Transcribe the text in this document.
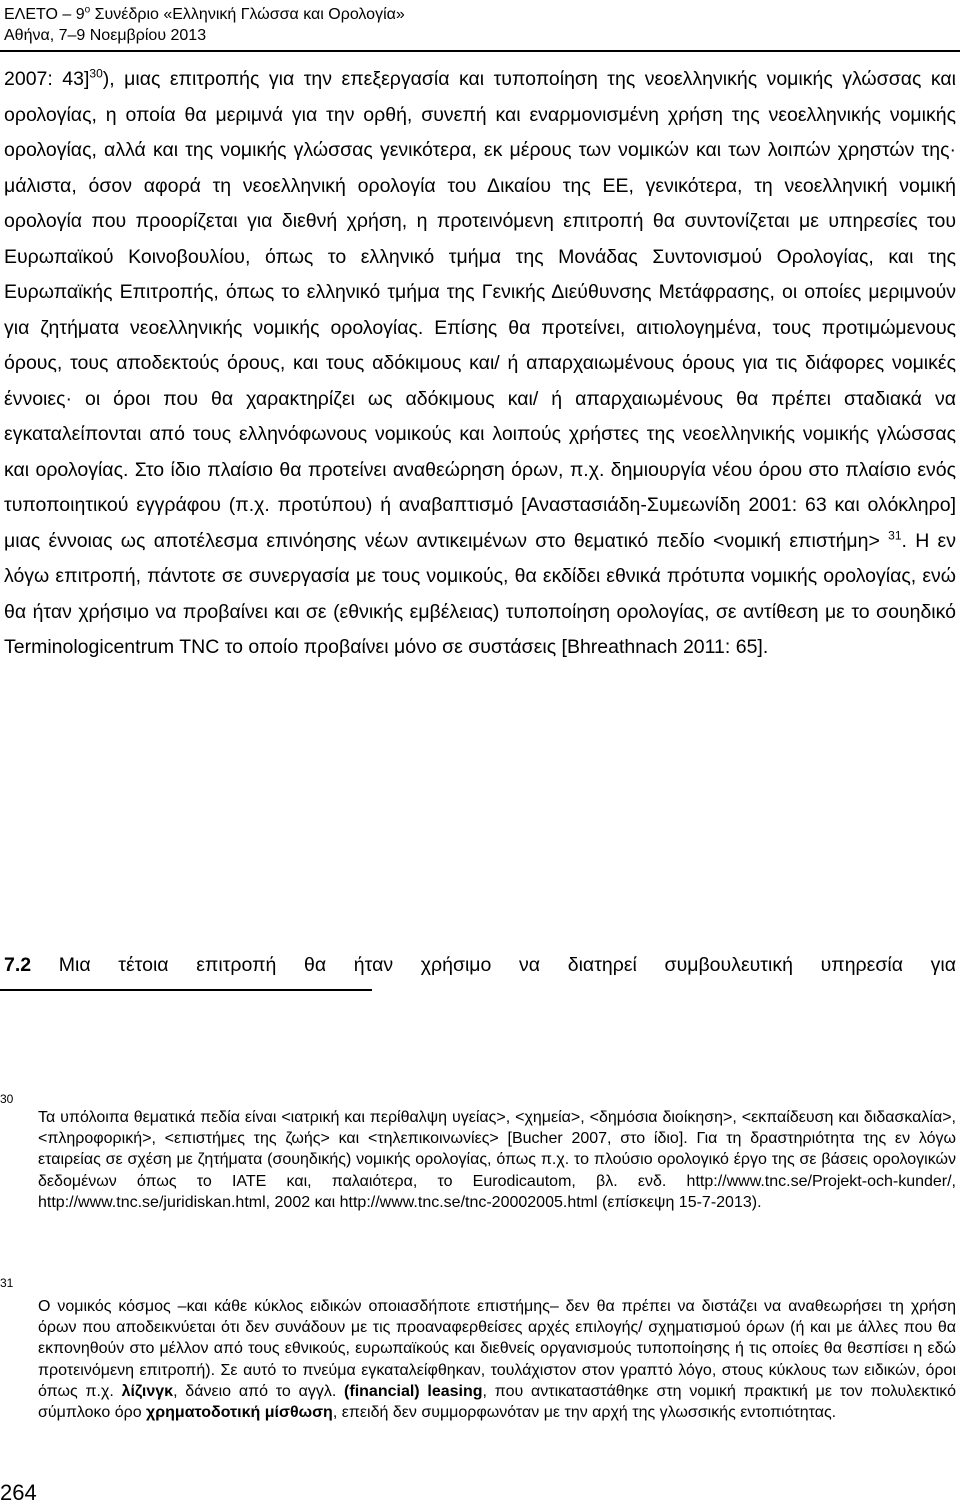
ΕΛΕΤΟ – $9^o$ Συνέδριο «Ελληνική Γλώσσα και Ορολογία»
Αθήνα, 7–9 Νοεμβρίου 2013

2007: 43]$^{30}$), μιας επιτροπής για την επεξεργασία και τυποποίηση της νεοελληνικής νομικής γλώσσας και ορολογίας, η οποία θα μεριμνά για την ορθή, συνεπή και εναρμονισμένη χρήση της νεοελληνικής νομικής ορολογίας, αλλά και της νομικής γλώσσας γενικότερα, εκ μέρους των νομικών και των λοιπών χρηστών της· μάλιστα, όσον αφορά τη νεοελληνική ορολογία του Δικαίου της ΕΕ, γενικότερα, τη νεοελληνική νομική ορολογία που προορίζεται για διεθνή χρήση, η προτεινόμενη επιτροπή θα συντονίζεται με υπηρεσίες του Ευρωπαϊκού Κοινοβουλίου, όπως το ελληνικό τμήμα της Μονάδας Συντονισμού Ορολογίας, και της Ευρωπαϊκής Επιτροπής, όπως το ελληνικό τμήμα της Γενικής Διεύθυνσης Μετάφρασης, οι οποίες μεριμνούν για ζητήματα νεοελληνικής νομικής ορολογίας. Επίσης θα προτείνει, αιτιολογημένα, τους προτιμώμενους όρους, τους αποδεκτούς όρους, και τους αδόκιμους και/ ή απαρχαιωμένους όρους για τις διάφορες νομικές έννοιες· οι όροι που θα χαρακτηρίζει ως αδόκιμους και/ ή απαρχαιωμένους θα πρέπει σταδιακά να εγκαταλείπονται από τους ελληνόφωνους νομικούς και λοιπούς χρήστες της νεοελληνικής νομικής γλώσσας και ορολογίας. Στο ίδιο πλαίσιο θα προτείνει αναθεώρηση όρων, π.χ. δημιουργία νέου όρου στο πλαίσιο ενός τυποποιητικού εγγράφου (π.χ. προτύπου) ή αναβαπτισμό [Αναστασιάδη-Συμεωνίδη 2001: 63 και ολόκληρο] μιας έννοιας ως αποτέλεσμα επινόησης νέων αντικειμένων στο θεματικό πεδίο <νομική επιστήμη> $^{31}$. Η εν λόγω επιτροπή, πάντοτε σε συνεργασία με τους νομικούς, θα εκδίδει εθνικά πρότυπα νομικής ορολογίας, ενώ θα ήταν χρήσιμο να προβαίνει και σε (εθνικής εμβέλειας) τυποποίηση ορολογίας, σε αντίθεση με το σουηδικό Terminologicentrum TNC το οποίο προβαίνει μόνο σε συστάσεις [Bhreathnach 2011: 65].

7.2 Μια τέτοια επιτροπή θα ήταν χρήσιμο να διατηρεί συμβουλευτική υπηρεσία για

30

Τα υπόλοιπα θεματικά πεδία είναι <ιατρική και περίθαλψη υγείας>, <χημεία>, <δημόσια διοίκηση>, <εκπαίδευση και διδασκαλία>, <πληροφορική>, <επιστήμες της ζωής> και <τηλεπικοινωνίες> [Bucher 2007, στο ίδιο]. Για τη δραστηριότητα της εν λόγω εταιρείας σε σχέση με ζητήματα (σουηδικής) νομικής ορολογίας, όπως π.χ. το πλούσιο ορολογικό έργο της σε βάσεις ορολογικών δεδομένων όπως το IATE και, παλαιότερα, το Eurodicautom, βλ. ενδ. http://www.tnc.se/Projekt-och-kunder/, http://www.tnc.se/juridiskan.html, 2002 και http://www.tnc.se/tnc-20002005.html (επίσκεψη 15-7-2013).

31

Ο νομικός κόσμος –και κάθε κύκλος ειδικών οποιασδήποτε επιστήμης– δεν θα πρέπει να διστάζει να αναθεωρήσει τη χρήση όρων που αποδεικνύεται ότι δεν συνάδουν με τις προαναφερθείσες αρχές επιλογής/ σχηματισμού όρων (ή και με άλλες που θα εκπονηθούν στο μέλλον από τους εθνικούς, ευρωπαϊκούς και διεθνείς οργανισμούς τυποποίησης ή τις οποίες θα θεσπίσει η εδώ προτεινόμενη επιτροπή). Σε αυτό το πνεύμα εγκαταλείφθηκαν, τουλάχιστον στον γραπτό λόγο, στους κύκλους των ειδικών, όροι όπως π.χ. λίζινγκ, δάνειο από το αγγλ. (financial) leasing, που αντικαταστάθηκε στη νομική πρακτική με τον πολυλεκτικό σύμπλοκο όρο χρηματοδοτική μίσθωση, επειδή δεν συμμορφωνόταν με την αρχή της γλωσσικής εντοπιότητας.

264
